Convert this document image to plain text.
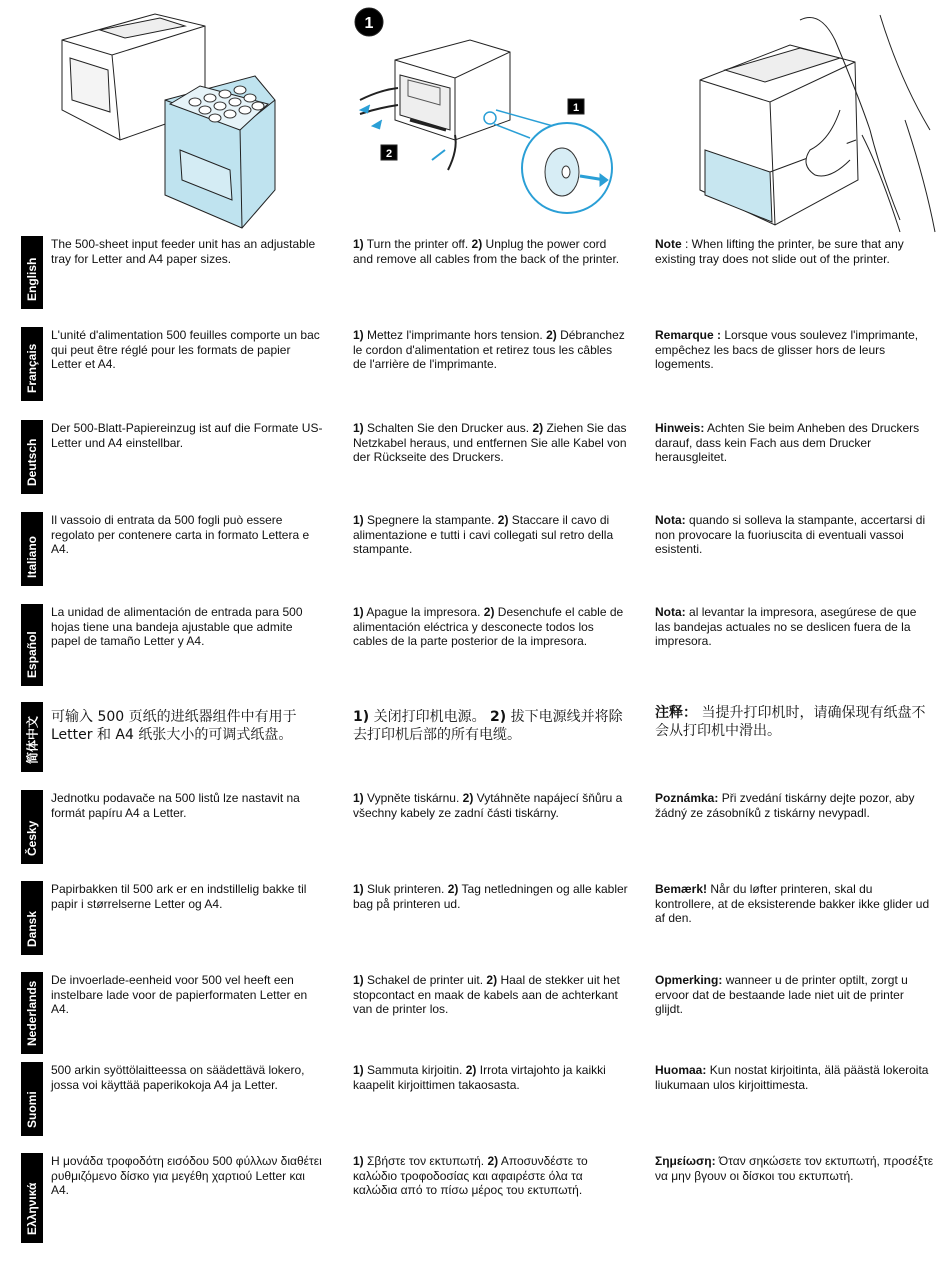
1
1
2
English
The 500-sheet input feeder unit has an adjustable tray for Letter and A4 paper sizes.
1) Turn the printer off. 2) Unplug the power cord and remove all cables from the back of the printer.
Note : When lifting the printer, be sure that any existing tray does not slide out of the printer.
Français
L'unité d'alimentation 500 feuilles comporte un bac qui peut être réglé pour les formats de papier Letter et A4.
1) Mettez l'imprimante hors tension. 2) Débranchez le cordon d'alimentation et retirez tous les câbles de l'arrière de l'imprimante.
Remarque : Lorsque vous soulevez l'imprimante, empêchez les bacs de glisser hors de leurs logements.
Deutsch
Der 500-Blatt-Papiereinzug ist auf die Formate US-Letter und A4 einstellbar.
1) Schalten Sie den Drucker aus. 2) Ziehen Sie das Netzkabel heraus, und entfernen Sie alle Kabel von der Rückseite des Druckers.
Hinweis: Achten Sie beim Anheben des Druckers darauf, dass kein Fach aus dem Drucker herausgleitet.
Italiano
Il vassoio di entrata da 500 fogli può essere regolato per contenere carta in formato Lettera e A4.
1) Spegnere la stampante. 2) Staccare il cavo di alimentazione e tutti i cavi collegati sul retro della stampante.
Nota: quando si solleva la stampante, accertarsi di non provocare la fuoriuscita di eventuali vassoi esistenti.
Español
La unidad de alimentación de entrada para 500 hojas tiene una bandeja ajustable que admite papel de tamaño Letter y A4.
1) Apague la impresora. 2) Desenchufe el cable de alimentación eléctrica y desconecte todos los cables de la parte posterior de la impresora.
Nota: al levantar la impresora, asegúrese de que las bandejas actuales no se deslicen fuera de la impresora.
简体中文 可输入 500 页纸的进纸器组件中有用于 Letter 和 A4 纸张大小的可调式纸盘。
1) 关闭打印机电源。 2) 拔下电源线并将除去打印机后部的所有电缆。
注释： 当提升打印机时，请确保现有纸盘不会从打印机中滑出。
Česky
Jednotku podavače na 500 listů lze nastavit na formát papíru A4 a Letter.
1) Vypněte tiskárnu. 2) Vytáhněte napájecí šňůru a všechny kabely ze zadní části tiskárny.
Poznámka: Při zvedání tiskárny dejte pozor, aby žádný ze zásobníků z tiskárny nevypadl.
Dansk
Papirbakken til 500 ark er en indstillelig bakke til papir i størrelserne Letter og A4.
1) Sluk printeren. 2) Tag netledningen og alle kabler bag på printeren ud.
Bemærk! Når du løfter printeren, skal du kontrollere, at de eksisterende bakker ikke glider ud af den.
Nederlands
De invoerlade-eenheid voor 500 vel heeft een instelbare lade voor de papierformaten Letter en A4.
1) Schakel de printer uit. 2) Haal de stekker uit het stopcontact en maak de kabels aan de achterkant van de printer los.
Opmerking: wanneer u de printer optilt, zorgt u ervoor dat de bestaande lade niet uit de printer glijdt.
Suomi
500 arkin syöttölaitteessa on säädettävä lokero, jossa voi käyttää paperikokoja A4 ja Letter.
1) Sammuta kirjoitin. 2) Irrota virtajohto ja kaikki kaapelit kirjoittimen takaosasta.
Huomaa: Kun nostat kirjoitinta, älä päästä lokeroita liukumaan ulos kirjoittimesta.
Ελληνικά
Η μονάδα τροφοδότη εισόδου 500 φύλλων διαθέτει ρυθμιζόμενο δίσκο για μεγέθη χαρτιού Letter και A4.
1) Σβήστε τον εκτυπωτή. 2) Αποσυνδέστε το καλώδιο τροφοδοσίας και αφαιρέστε όλα τα καλώδια από το πίσω μέρος του εκτυπωτή.
Σημείωση: Όταν σηκώσετε τον εκτυπωτή, προσέξτε να μην βγουν οι δίσκοι του εκτυπωτή.
